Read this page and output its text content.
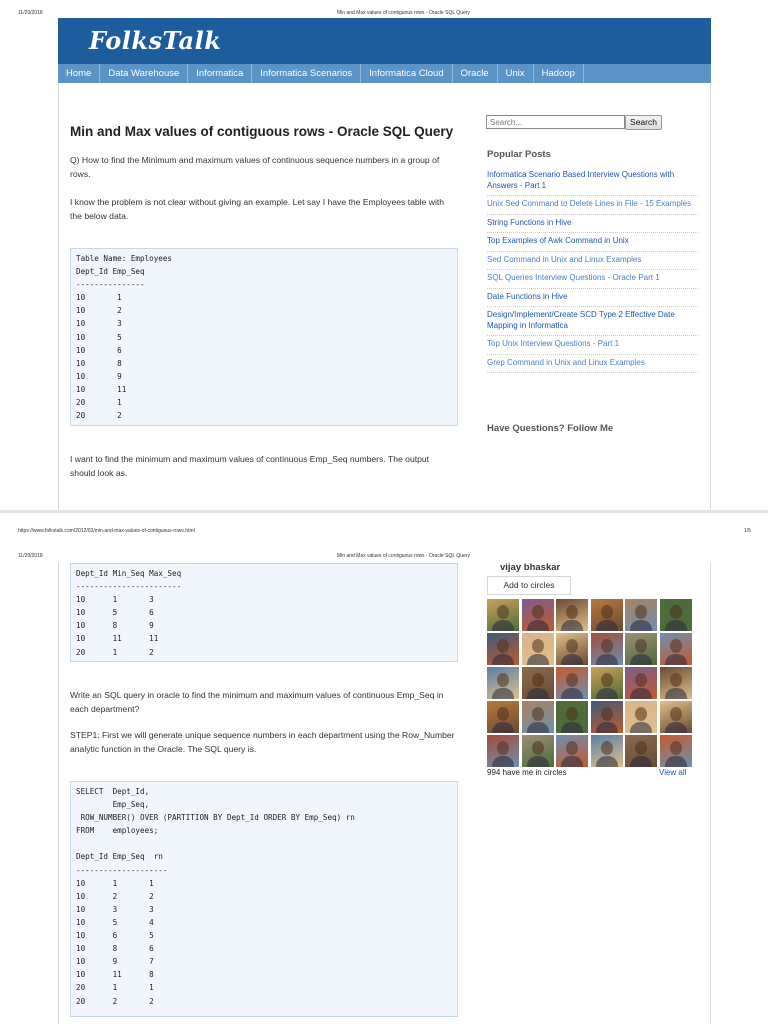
11/29/2018	Min and Max values of contiguous rows - Oracle SQL Query
FolksTalk
Home	Data Warehouse	Informatica	Informatica Scenarios	Informatica Cloud	Oracle	Unix	Hadoop
Min and Max values of contiguous rows - Oracle SQL Query
Q) How to find the Minimum and maximum values of continuous sequence numbers in a group of rows.
I know the problem is not clear without giving an example. Let say I have the Employees table with the below data.
Table Name: Employees
Dept_Id Emp_Seq
---------------
10       1
10       2
10       3
10       5
10       6
10       8
10       9
10       11
20       1
20       2
I want to find the minimum and maximum values of continuous Emp_Seq numbers. The output should look as.
Search...	Search
Popular Posts
Informatica Scenario Based Interview Questions with Answers - Part 1
Unix Sed Command to Delete Lines in File - 15 Examples
String Functions in Hive
Top Examples of Awk Command in Unix
Sed Command in Unix and Linux Examples
SQL Queries Interview Questions - Oracle Part 1
Date Functions in Hive
Design/Implement/Create SCD Type 2 Effective Date Mapping in Informatica
Top Unix Interview Questions - Part 1
Grep Command in Unix and Linux Examples
Have Questions? Follow Me
https://www.folkstalk.com/2012/03/min-and-max-values-of-contiguous-rows.html	1/5
11/29/2018	Min and Max values of contiguous rows - Oracle SQL Query
Dept_Id Min_Seq Max_Seq
-----------------------
10      1       3
10      5       6
10      8       9
10      11      11
20      1       2
Write an SQL query in oracle to find the minimum and maximum values of continuous Emp_Seq in each department?
STEP1: First we will generate unique sequence numbers in each department using the Row_Number analytic function in the Oracle. The SQL query is.
SELECT  Dept_Id,
Emp_Seq,
ROW_NUMBER() OVER (PARTITION BY Dept_Id ORDER BY Emp_Seq) rn
FROM    employees;
Dept_Id Emp_Seq  rn
--------------------
10      1       1
10      2       2
10      3       3
10      5       4
10      6       5
10      8       6
10      9       7
10      11      8
20      1       1
20      2       2
vijay bhaskar
Add to circles
994 have me in circles	View all
